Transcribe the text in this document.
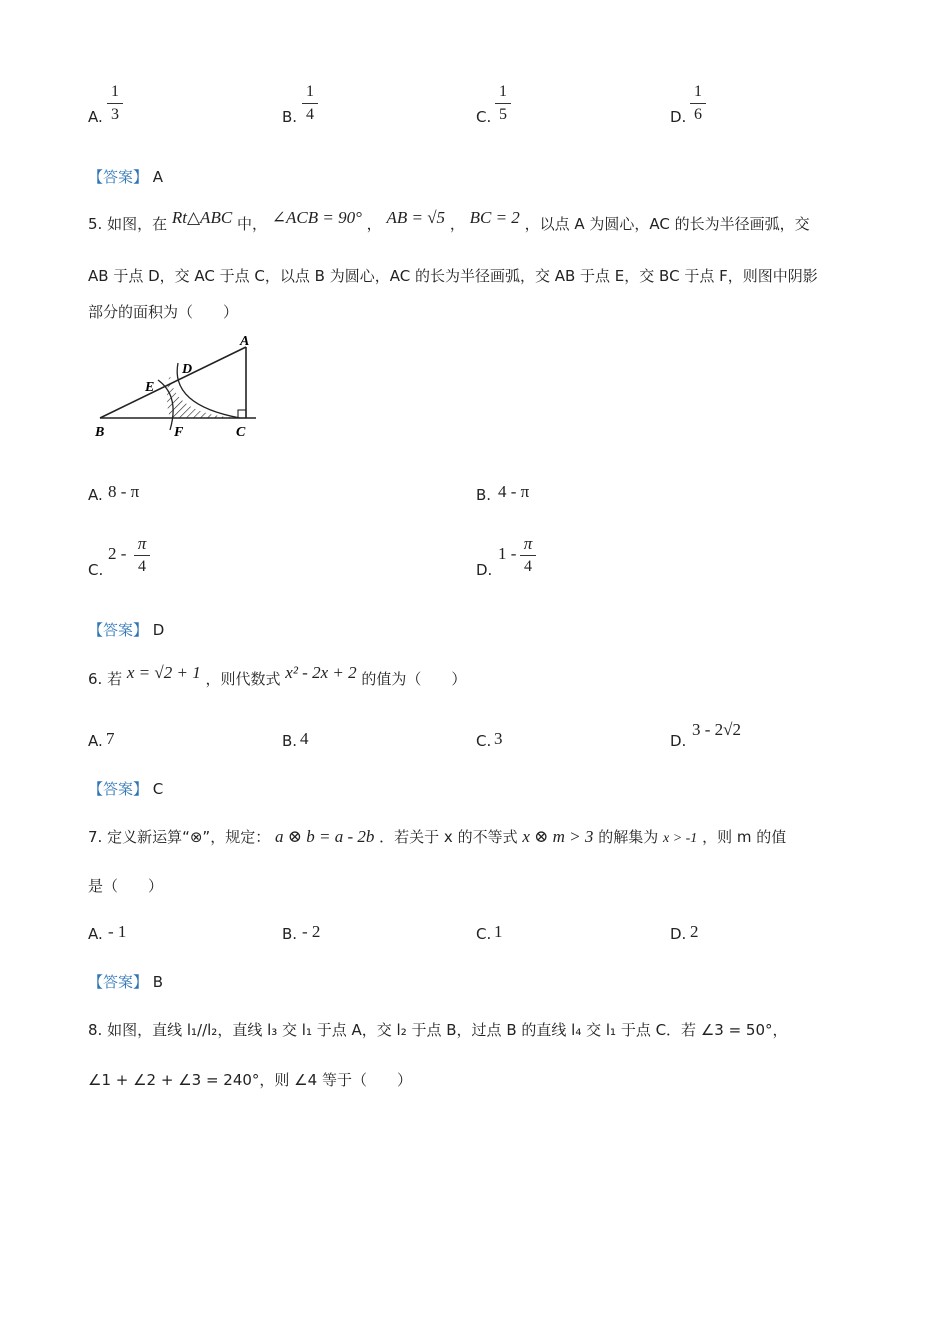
A.
1
3	B.
1
4	C.
1
5	D.
1
6
【答案】 A
5. 如图，在 Rt△ABC 中， ∠ACB = 90° ， AB = √5 ， BC = 2 ，以点 A 为圆心，AC 的长为半径画弧，交
AB 于点 D，交 AC 于点 C，以点 B 为圆心，AC 的长为半径画弧，交 AB 于点 E，交 BC 于点 F，则图中阴影
部分的面积为（　　）
A
B	C
D
E
F
A. 8 - π	B. 4 - π
C.
2 -
π
4	D.
1 -
π
4
【答案】 D
6. 若 x = √2 + 1 ，则代数式 x² - 2x + 2 的值为（　　）
A. 7	B. 4	C. 3	D.
3 - 2√2
【答案】 C
7. 定义新运算“⊗”，规定： a ⊗ b = a - 2b ．若关于 x 的不等式 x ⊗ m > 3 的解集为 x > -1 ，则 m 的值
是（　　）
A. - 1	B. - 2	C. 1	D. 2
【答案】 B
8. 如图，直线 l₁//l₂，直线 l₃ 交 l₁ 于点 A，交 l₂ 于点 B，过点 B 的直线 l₄ 交 l₁ 于点 C．若 ∠3 = 50°，
∠1 + ∠2 + ∠3 = 240°，则 ∠4 等于（　　）
